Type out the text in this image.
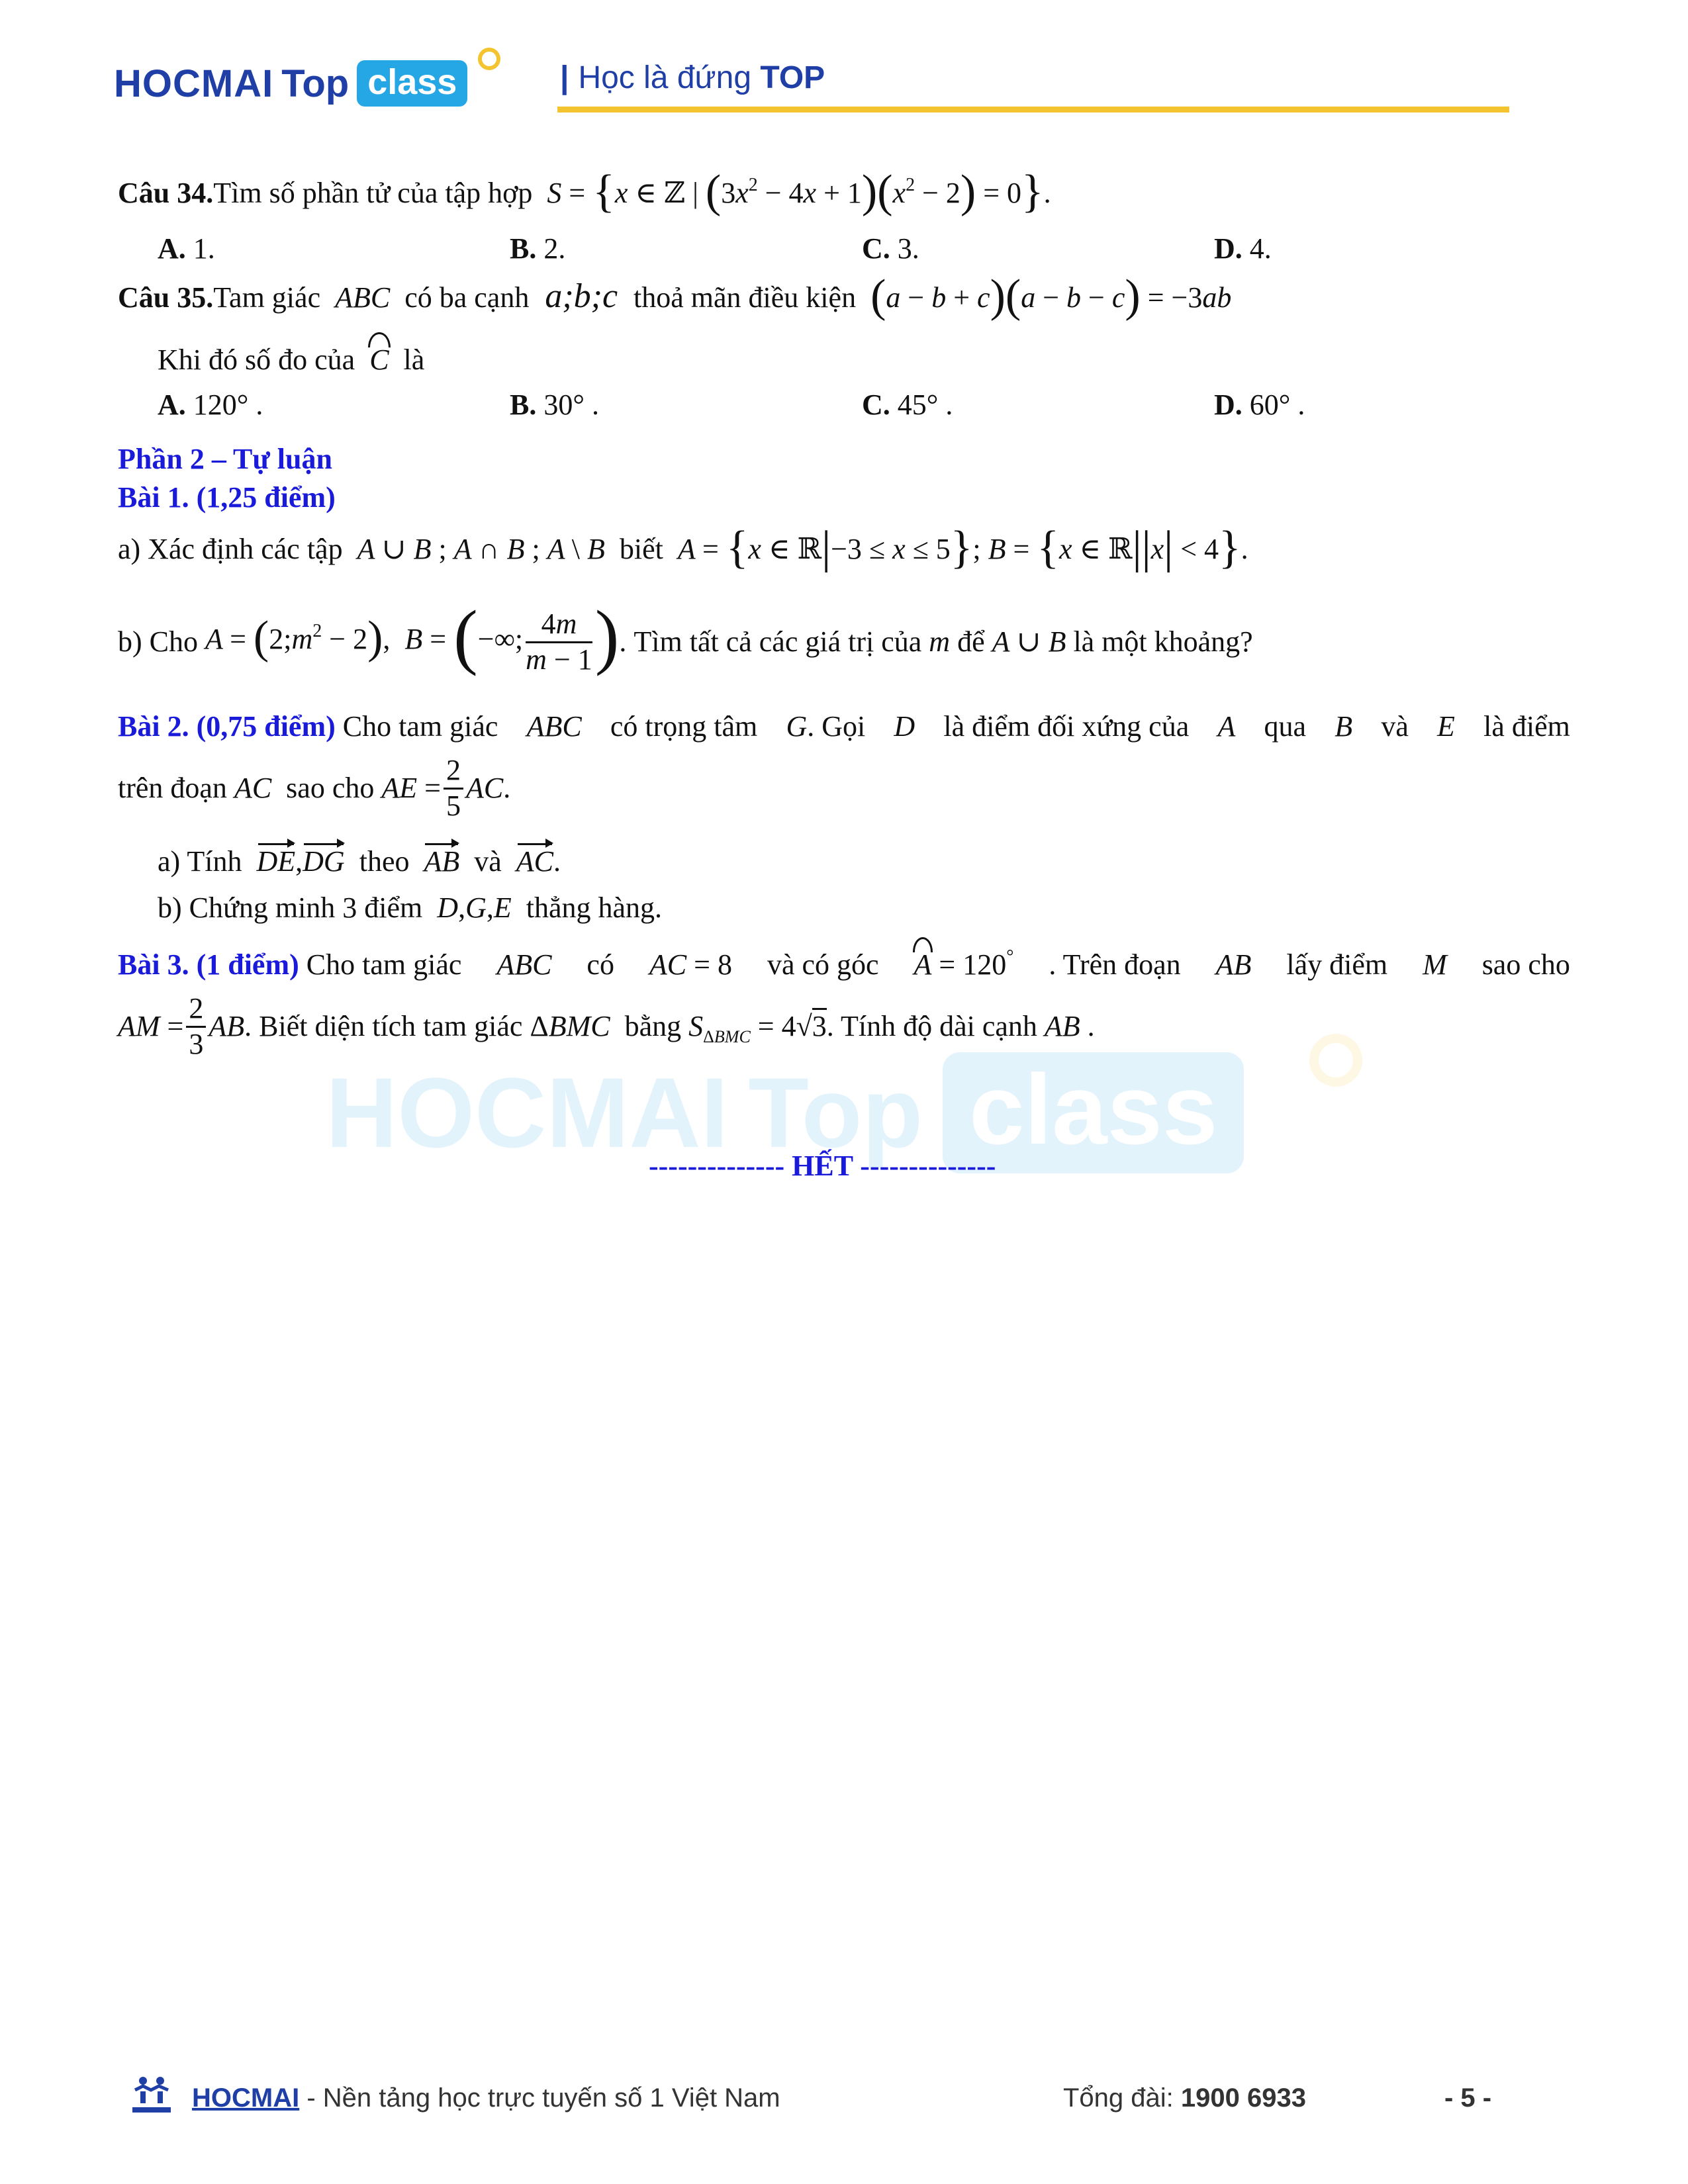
HOCMAI Top class	| Học là đứng TOP
HOCMAI Top class
Câu 34.Tìm số phần tử của tập hợp  S = {x ∈ ℤ | $(3x^2 - 4x + 1)(x^2 - 2) = 0$}.
A. 1.	B. 2.	C. 3.	D. 4.
Câu 35.Tam giác  ABC  có ba cạnh  a;b;c  thoả mãn điều kiện (a − b + c)(a − b − c) = −3ab
Khi đó số đo của C là
A. 120° .	B. 30° .	C. 45° .	D. 60° .
Phần 2 – Tự luận
Bài 1. (1,25 điểm)
a) Xác định các tập  A ∪ B ; A ∩ B ; A \ B  biết  A = {x ∈ ℝ|−3 ≤ x ≤ 5}; B = {x ∈ ℝ||x| < 4}.
b) Cho $A = (2;m^2 - 2)$,  B = (−∞; $\frac{4m}{m - 1}$ ) . Tìm tất cả các giá trị của m để A ∪ B là một khoảng?
Bài 2. (0,75 điểm) Cho tam giác ABC có trọng tâm G. Gọi D là điểm đối xứng của A qua B và E là điểm
trên đoạn AC sao cho AE = $\frac{2}{5}$ AC.
a) Tính DE,DG theo AB và AC.
b) Chứng minh 3 điểm  D,G,E  thẳng hàng.
Bài 3. (1 điểm) Cho tam giác ABC có AC = 8 và có góc A = 120° . Trên đoạn AB lấy điểm M sao cho
AM = $\frac{2}{3}$ AB . Biết diện tích tam giác ΔBMC bằng $S_{\Delta BMC} = 4√3$ . Tính độ dài cạnh AB .
-------------- HẾT --------------
HOCMAI - Nền tảng học trực tuyến số 1 Việt Nam	Tổng đài: 1900 6933	- 5 -
